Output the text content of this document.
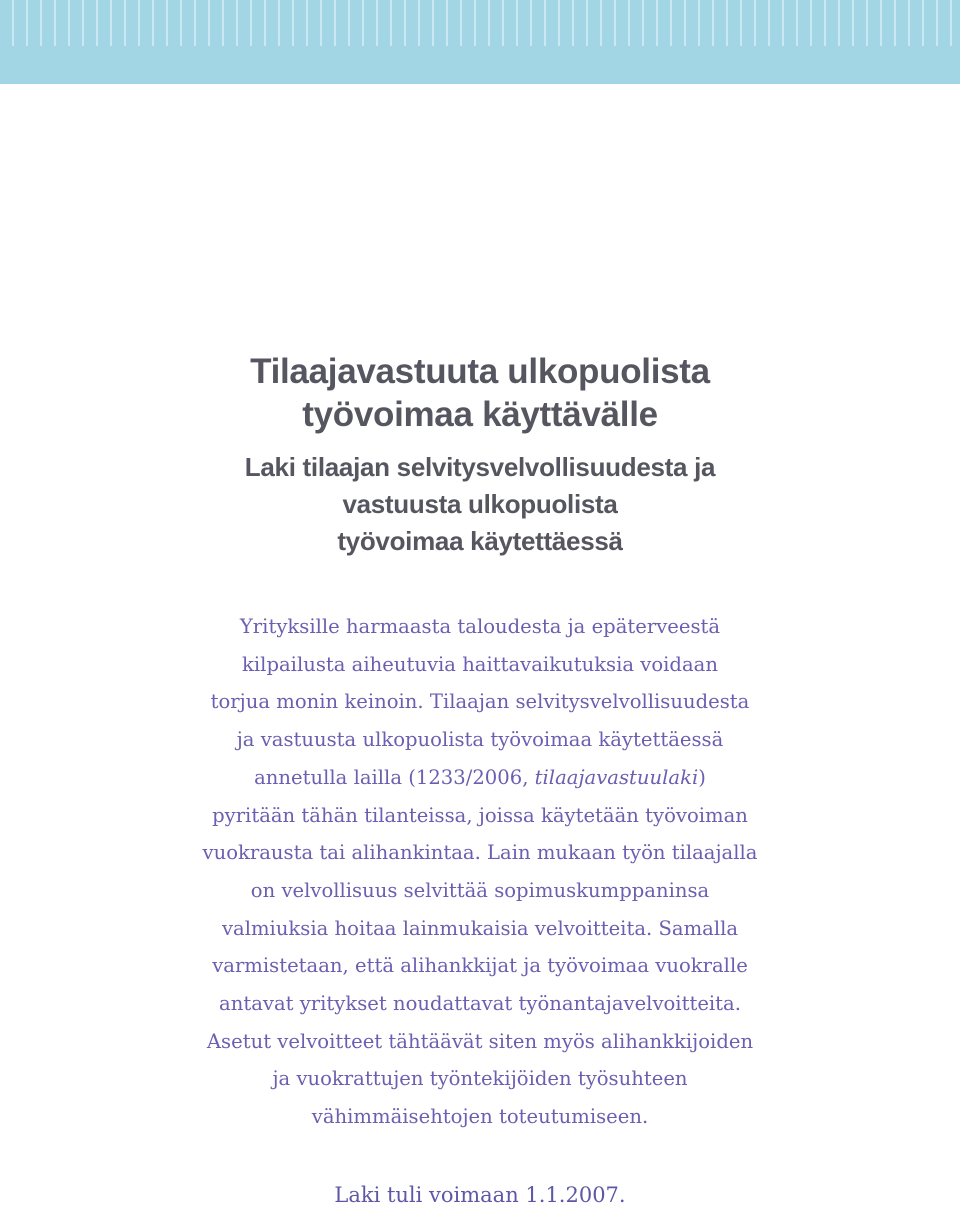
Tilaajavastuuta ulkopuolista
työvoimaa käyttävälle
Laki tilaajan selvitysvelvollisuudesta ja
vastuusta ulkopuolista
työvoimaa käytettäessä
Yrityksille harmaasta taloudesta ja epäterveestä
kilpailusta aiheutuvia haittavaikutuksia voidaan
torjua monin keinoin. Tilaajan selvitysvelvollisuudesta
ja vastuusta ulkopuolista työvoimaa käytettäessä
annetulla lailla (1233/2006, tilaajavastuulaki)
pyritään tähän tilanteissa, joissa käytetään työvoiman
vuokrausta tai alihankintaa. Lain mukaan työn tilaajalla
on velvollisuus selvittää sopimuskumppaninsa
valmiuksia hoitaa lainmukaisia velvoitteita. Samalla
varmistetaan, että alihankkijat ja työvoimaa vuokralle
antavat yritykset noudattavat työnantajavelvoitteita.
Asetut velvoitteet tähtäävät siten myös alihankkijoiden
ja vuokrattujen työntekijöiden työsuhteen
vähimmäisehtojen toteutumiseen.
Laki tuli voimaan 1.1.2007.
